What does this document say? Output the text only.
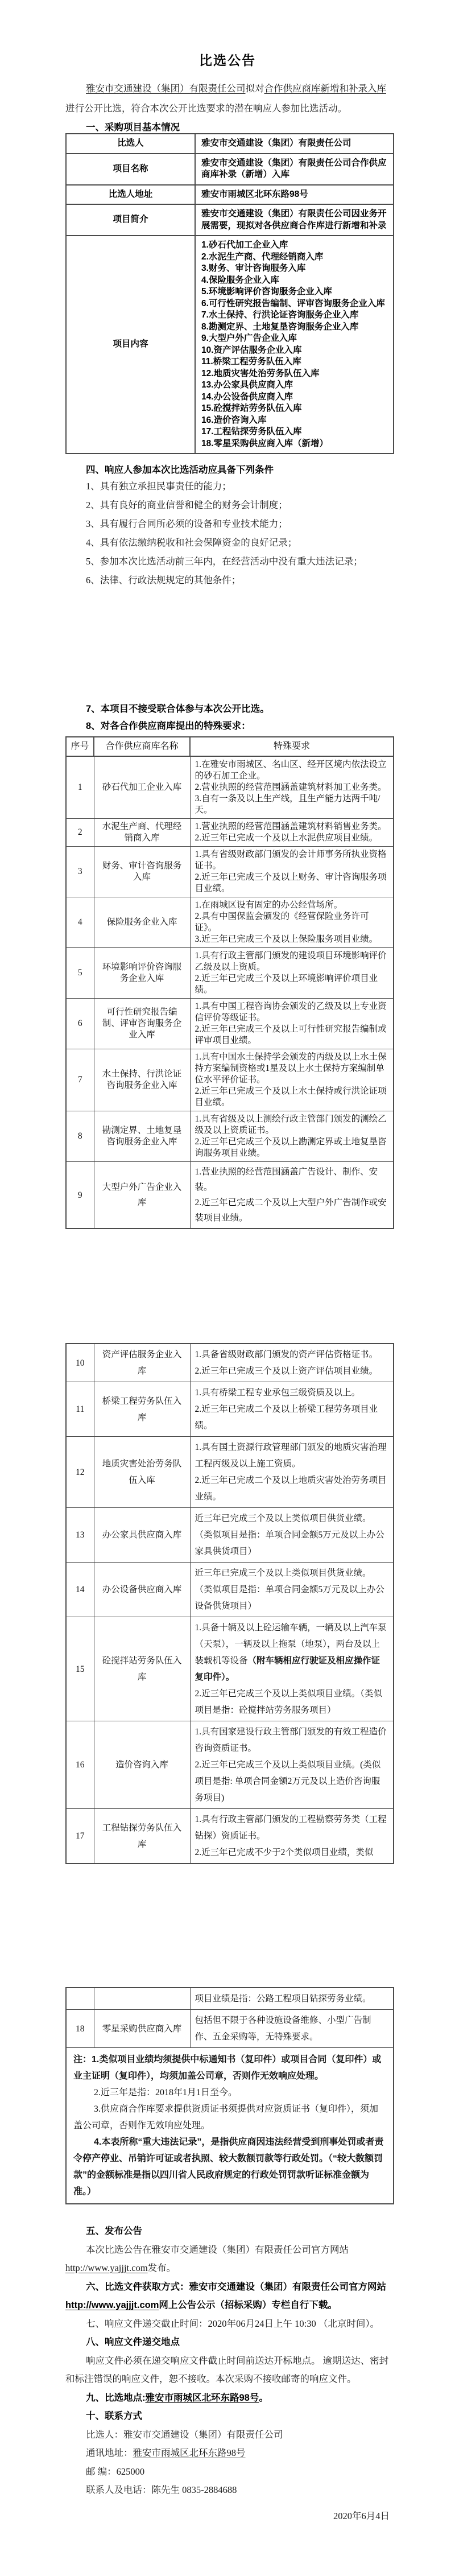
比选公告
雅安市交通建设（集团）有限责任公司拟对合作供应商库新增和补录入库进行公开比选，符合本次公开比选要求的潜在响应人参加比选活动。
一、采购项目基本情况
比选人	雅安市交通建设（集团）有限责任公司
项目名称	雅安市交通建设（集团）有限责任公司合作供应商库补录（新增）入库
比选人地址	雅安市雨城区北环东路98号
项目简介	雅安市交通建设（集团）有限责任公司因业务开展需要，现拟对各供应商合作库进行新增和补录
项目内容	
1.砂石代加工企业入库
2.水泥生产商、代理经销商入库
3.财务、审计咨询服务入库
4.保险服务企业入库
5.环境影响评价咨询服务企业入库
6.可行性研究报告编制、评审咨询服务企业入库
7.水土保持、行洪论证咨询服务企业入库
8.勘测定界、土地复垦咨询服务企业入库
9.大型户外广告企业入库
10.资产评估服务企业入库
11.桥梁工程劳务队伍入库
12.地质灾害处治劳务队伍入库
13.办公家具供应商入库
14.办公设备供应商入库
15.砼搅拌站劳务队伍入库
16.造价咨询入库
17.工程钻探劳务队伍入库
18.零星采购供应商入库（新增）
四、响应人参加本次比选活动应具备下列条件
1、具有独立承担民事责任的能力；
2、具有良好的商业信誉和健全的财务会计制度；
3、具有履行合同所必须的设备和专业技术能力；
4、具有依法缴纳税收和社会保障资金的良好记录；
5、参加本次比选活动前三年内，在经营活动中没有重大违法记录；
6、法律、行政法规规定的其他条件；
7、本项目不接受联合体参与本次公开比选。
8、对各合作供应商库提出的特殊要求：
序号	合作供应商库名称	特殊要求
1	砂石代加工企业入库	1.在雅安市雨城区、名山区、经开区境内依法设立的砂石加工企业。
2.营业执照的经营范围涵盖建筑材料加工业务类。
3.自有一条及以上生产线，且生产能力达两千吨/天。

2	水泥生产商、代理经销商入库	1.营业执照的经营范围涵盖建筑材料销售业务类。
2.近三年已完成一个及以上水泥供应项目业绩。

3	财务、审计咨询服务入库	1.具有省级财政部门颁发的会计师事务所执业资格证书。
2.近三年已完成三个及以上财务、审计咨询服务项目业绩。

4	保险服务企业入库	1.在雨城区设有固定的办公经营场所。
2.具有中国保监会颁发的《经营保险业务许可证》。
3.近三年已完成三个及以上保险服务项目业绩。

5	环境影响评价咨询服务企业入库	1.具有行政主管部门颁发的建设项目环境影响评价乙级及以上资质。
2.近三年已完成三个及以上环境影响评价项目业绩。

6	可行性研究报告编制、评审咨询服务企业入库	1.具有中国工程咨询协会颁发的乙级及以上专业资信评价等级证书。
2.近三年已完成三个及以上可行性研究报告编制或评审项目业绩。

7	水土保持、行洪论证咨询服务企业入库	1.具有中国水土保持学会颁发的丙级及以上水土保持方案编制资格或1星及以上水土保持方案编制单位水平评价证书。
2.近三年已完成三个及以上水土保持或行洪论证项目业绩。

8	勘测定界、土地复垦咨询服务企业入库	1.具有省级及以上测绘行政主管部门颁发的测绘乙级及以上资质证书。
2.近三年已完成三个及以上勘测定界或土地复垦咨询服务项目业绩。

9	大型户外广告企业入库	1.营业执照的经营范围涵盖广告设计、制作、安装。
2.近三年已完成二个及以上大型户外广告制作或安装项目业绩。
10	资产评估服务企业入库	1.具备省级财政部门颁发的资产评估资格证书。
2.近三年已完成三个及以上资产评估项目业绩。

11	桥梁工程劳务队伍入库	1.具有桥梁工程专业承包三级资质及以上。
2.近三年已完成二个及以上桥梁工程劳务项目业绩。

12	地质灾害处治劳务队伍入库	1.具有国土资源行政管理部门颁发的地质灾害治理工程丙级及以上施工资质。
2.近三年已完成二个及以上地质灾害处治劳务项目业绩。

13	办公家具供应商入库	近三年已完成三个及以上类似项目供货业绩。
（类似项目是指：单项合同金额5万元及以上办公家具供货项目）

14	办公设备供应商入库	近三年已完成三个及以上类似项目供货业绩。
（类似项目是指：单项合同金额5万元及以上办公设备供货项目）

15	砼搅拌站劳务队伍入库	1.具备十辆及以上砼运输车辆，一辆及以上汽车泵（天泵），一辆及以上拖泵（地泵），两台及以上装载机等设备（附车辆相应行驶证及相应操作证复印件）。
2.近三年已完成三个及以上类似项目业绩。（类似项目是指：砼搅拌站劳务服务项目）

16	造价咨询入库	1.具有国家建设行政主管部门颁发的有效工程造价咨询资质证书。
2.近三年已完成三个及以上类似项目业绩。(类似项目是指: 单项合同金额2万元及以上造价咨询服务项目)

17	工程钻探劳务队伍入库	1.具有行政主管部门颁发的工程勘察劳务类（工程钻探）资质证书。
2.近三年已完成不少于2个类似项目业绩，类似

		项目业绩是指：公路工程项目钻探劳务业绩。

18	零星采购供应商入库	包括但不限于各种设施设备维修、小型广告制作、五金采购等，无特殊要求。

注：1.类似项目业绩均须提供中标通知书（复印件）或项目合同（复印件）或业主证明（复印件），均须加盖公司章，否则作无效响应处理。
2.近三年是指：2018年1月1日至今。
3.供应商合作库要求提供资质证书须提供对应资质证书（复印件），须加盖公司章，否则作无效响应处理。
4.本表所称“重大违法记录”，是指供应商因违法经营受到刑事处罚或者责令停产停业、吊销许可证或者执照、较大数额罚款等行政处罚。（“较大数额罚款”的金额标准是指以四川省人民政府规定的行政处罚罚款听证标准金额为准。）		
五、发布公告
本次比选公告在雅安市交通建设（集团）有限责任公司官方网站http://www.yajjjt.com发布。
六、比选文件获取方式：雅安市交通建设（集团）有限责任公司官方网站http://www.yajjjt.com网上公告公示（招标采购）专栏自行下载。
七、响应文件递交截止时间：2020年06月24日上午 10:30 （北京时间）。
八、响应文件递交地点
响应文件必须在递交响应文件截止时间前送达开标地点。 逾期送达、密封和标注错误的响应文件，恕不接收。本次采购不接收邮寄的响应文件。
九、比选地点:雅安市雨城区北环东路98号。
十、联系方式
比选人：雅安市交通建设（集团）有限责任公司
通讯地址：雅安市雨城区北环东路98号
邮 编：625000
联系人及电话：陈先生 0835-2884688
2020年6月4日
